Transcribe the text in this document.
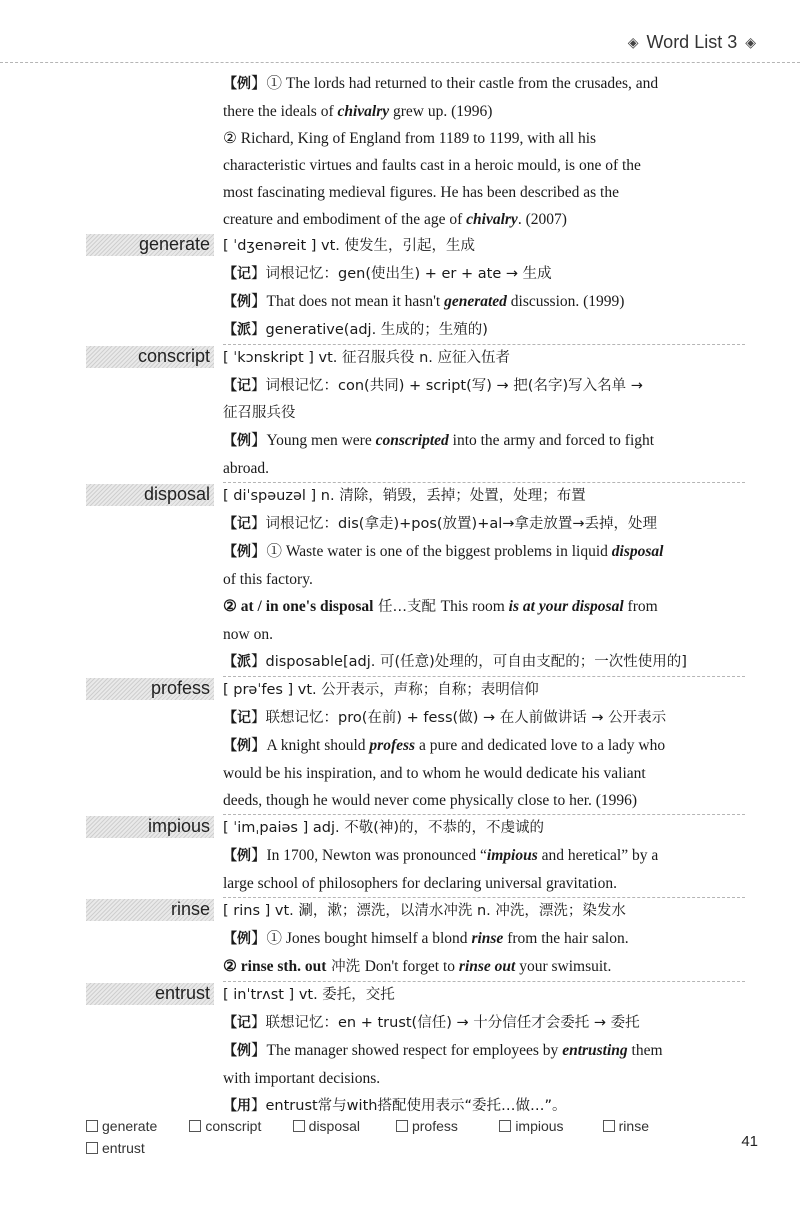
◈ Word List 3 ◈
【例】① The lords had returned to their castle from the crusades, and
there the ideals of chivalry grew up. (1996)
② Richard, King of England from 1189 to 1199, with all his
characteristic virtues and faults cast in a heroic mould, is one of the
most fascinating medieval figures. He has been described as the
creature and embodiment of the age of chivalry. (2007)
generate [ ˈdʒenəreit ] vt. 使发生，引起，生成
【记】词根记忆：gen(使出生) + er + ate → 生成
【例】That does not mean it hasn't generated discussion. (1999)
【派】generative(adj. 生成的；生殖的)
conscript [ ˈkɔnskript ] vt. 征召服兵役 n. 应征入伍者
【记】词根记忆：con(共同) + script(写) → 把(名字)写入名单 →
征召服兵役
【例】Young men were conscripted into the army and forced to fight
abroad.
disposal [ diˈspəuzəl ] n. 清除，销毁，丢掉；处置，处理；布置
【记】词根记忆：dis(拿走)+pos(放置)+al→拿走放置→丢掉，处理
【例】① Waste water is one of the biggest problems in liquid disposal
of this factory.
② at / in one's disposal 任…支配 This room is at your disposal from
now on.
【派】disposable[adj. 可(任意)处理的，可自由支配的；一次性使用的]
profess [ prəˈfes ] vt. 公开表示，声称；自称；表明信仰
【记】联想记忆：pro(在前) + fess(做) → 在人前做讲话 → 公开表示
【例】A knight should profess a pure and dedicated love to a lady who
would be his inspiration, and to whom he would dedicate his valiant
deeds, though he would never come physically close to her. (1996)
impious [ ˈimˌpaiəs ] adj. 不敬(神)的，不恭的，不虔诚的
【例】In 1700, Newton was pronounced “impious and heretical” by a
large school of philosophers for declaring universal gravitation.
rinse [ rins ] vt. 涮，漱；漂洗，以清水冲洗 n. 冲洗，漂洗；染发水
【例】① Jones bought himself a blond rinse from the hair salon.
② rinse sth. out 冲洗 Don't forget to rinse out your swimsuit.
entrust [ inˈtrʌst ] vt. 委托，交托
【记】联想记忆：en + trust(信任) → 十分信任才会委托 → 委托
【例】The manager showed respect for employees by entrusting them
with important decisions.
【用】entrust常与with搭配使用表示“委托…做…”。
generate	conscript	disposal	profess	impious	rinse
entrust	41
